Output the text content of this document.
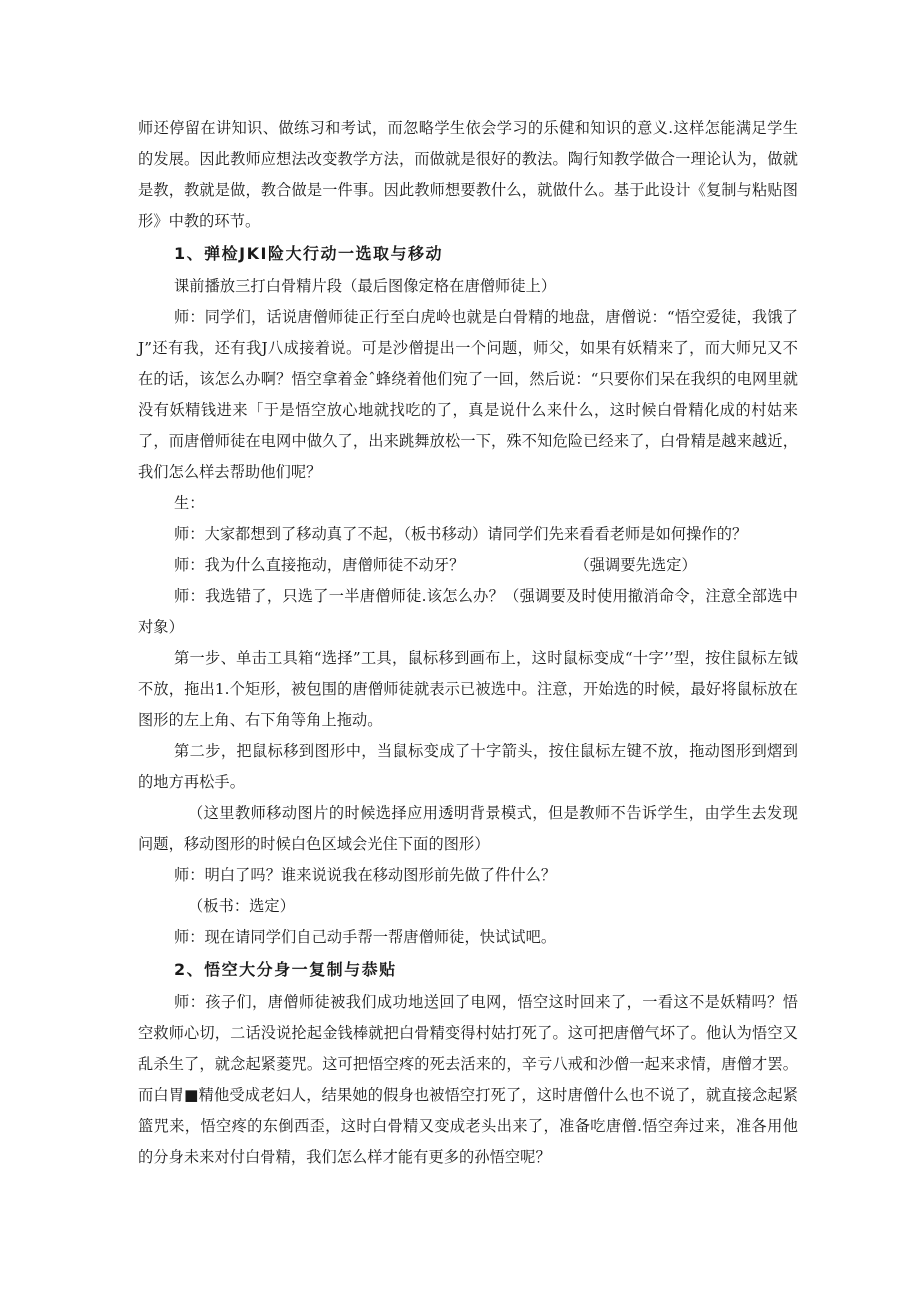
师还停留在讲知识、做练习和考试，而忽略学生依会学习的乐健和知识的意义.这样怎能满足学生的发展。因此教师应想法改变教学方法，而做就是很好的教法。陶行知教学做合一理论认为，做就是教，教就是做，教合做是一件事。因此教师想要教什么，就做什么。基于此设计《复制与粘贴图形》中教的环节。

1、弹检JKI险大行动一选取与移动

课前播放三打白骨精片段（最后图像定格在唐僧师徒上）

师：同学们，话说唐僧师徒正行至白虎岭也就是白骨精的地盘，唐僧说：“悟空爱徒，我饿了J”还有我，还有我J八成接着说。可是沙僧提出一个问题，师父，如果有妖精来了，而大师兄又不在的话，该怎么办啊？悟空拿着金ˆ蜂绕着他们宛了一回，然后说：“只要你们呆在我织的电网里就没有妖精钱进来「于是悟空放心地就找吃的了，真是说什么来什么，这时候白骨精化成的村姑来了，而唐僧师徒在电网中做久了，出来跳舞放松一下，殊不知危险已经来了，白骨精是越来越近，我们怎么样去帮助他们呢？

生：

师：大家都想到了移动真了不起，（板书移动）请同学们先来看看老师是如何操作的？

师：我为什么直接拖动，唐僧师徒不动牙？	（强调要先选定）

师：我选错了，只选了一半唐僧师徒.该怎么办？（强调要及时使用撤消命令，注意全部选中对象）

第一步、单击工具箱“选择”工具，鼠标移到画布上，这时鼠标变成“十字’’型，按住鼠标左钺不放，拖出1.个矩形，被包围的唐僧师徒就表示已被选中。注意，开始选的时候，最好将鼠标放在图形的左上角、右下角等角上拖动。

第二步，把鼠标移到图形中，当鼠标变成了十字箭头，按住鼠标左键不放，拖动图形到熠到的地方再松手。

（这里教师移动图片的时候选择应用透明背景模式，但是教师不告诉学生，由学生去发现问题，移动图形的时候白色区域会光住下面的图形）

师：明白了吗？谁来说说我在移动图形前先做了件什么？

（板书：选定）

师：现在请同学们自己动手帮一帮唐僧师徒，快试试吧。

2、悟空大分身一复制与恭贴

师：孩子们，唐僧师徒被我们成功地送回了电网，悟空这时回来了，一看这不是妖精吗？悟空救师心切，二话没说抡起金钱棒就把白骨精变得村姑打死了。这可把唐僧气坏了。他认为悟空又乱杀生了，就念起紧菱咒。这可把悟空疼的死去活来的，辛亏八戒和沙僧一起来求情，唐僧才罢。而白胃■精他受成老妇人，结果她的假身也被悟空打死了，这时唐僧什么也不说了，就直接念起紧篮咒来，悟空疼的东倒西歪，这时白骨精又变成老头出来了，准备吃唐僧.悟空奔过来，准各用他的分身未来对付白骨精，我们怎么样才能有更多的孙悟空呢？
